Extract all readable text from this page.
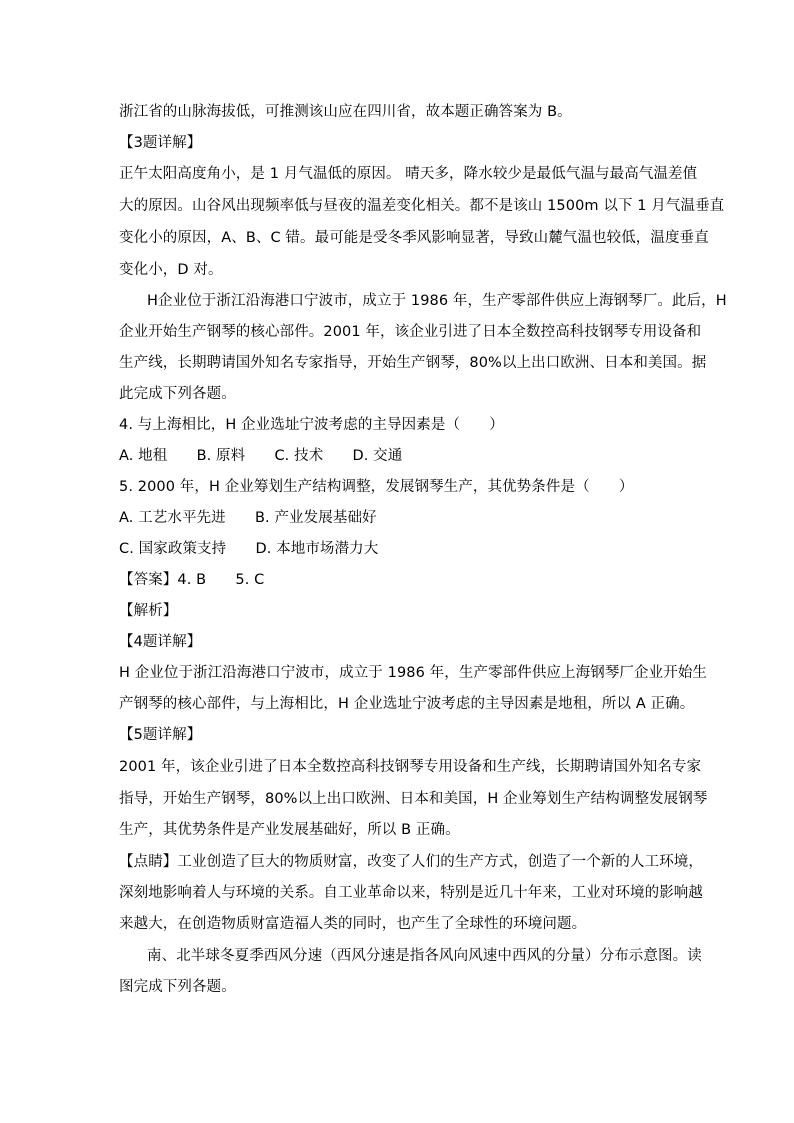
浙江省的山脉海拔低，可推测该山应在四川省，故本题正确答案为 B。
【3题详解】
正午太阳高度角小，是 1 月气温低的原因。 晴天多，降水较少是最低气温与最高气温差值
大的原因。山谷风出现频率低与昼夜的温差变化相关。都不是该山 1500m 以下 1 月气温垂直
变化小的原因，A、B、C 错。最可能是受冬季风影响显著，导致山麓气温也较低，温度垂直
变化小，D 对。
H企业位于浙江沿海港口宁波市，成立于 1986 年，生产零部件供应上海钢琴厂。此后，H
企业开始生产钢琴的核心部件。2001 年，该企业引进了日本全数控高科技钢琴专用设备和
生产线，长期聘请国外知名专家指导，开始生产钢琴，80%以上出口欧洲、日本和美国。据
此完成下列各题。
4. 与上海相比，H 企业选址宁波考虑的主导因素是（　　）
A. 地租　　B. 原料　　C. 技术　　D. 交通
5. 2000 年，H 企业筹划生产结构调整，发展钢琴生产，其优势条件是（　　）
A. 工艺水平先进　　B. 产业发展基础好
C. 国家政策支持　　D. 本地市场潜力大
【答案】4. B　　5. C
【解析】
【4题详解】
H 企业位于浙江沿海港口宁波市，成立于 1986 年，生产零部件供应上海钢琴厂企业开始生
产钢琴的核心部件，与上海相比，H 企业选址宁波考虑的主导因素是地租，所以 A 正确。
【5题详解】
2001 年，该企业引进了日本全数控高科技钢琴专用设备和生产线，长期聘请国外知名专家
指导，开始生产钢琴，80%以上出口欧洲、日本和美国，H 企业筹划生产结构调整发展钢琴
生产，其优势条件是产业发展基础好，所以 B 正确。
【点睛】工业创造了巨大的物质财富，改变了人们的生产方式，创造了一个新的人工环境，
深刻地影响着人与环境的关系。自工业革命以来，特别是近几十年来，工业对环境的影响越
来越大，在创造物质财富造福人类的同时，也产生了全球性的环境问题。
南、北半球冬夏季西风分速（西风分速是指各风向风速中西风的分量）分布示意图。读
图完成下列各题。
